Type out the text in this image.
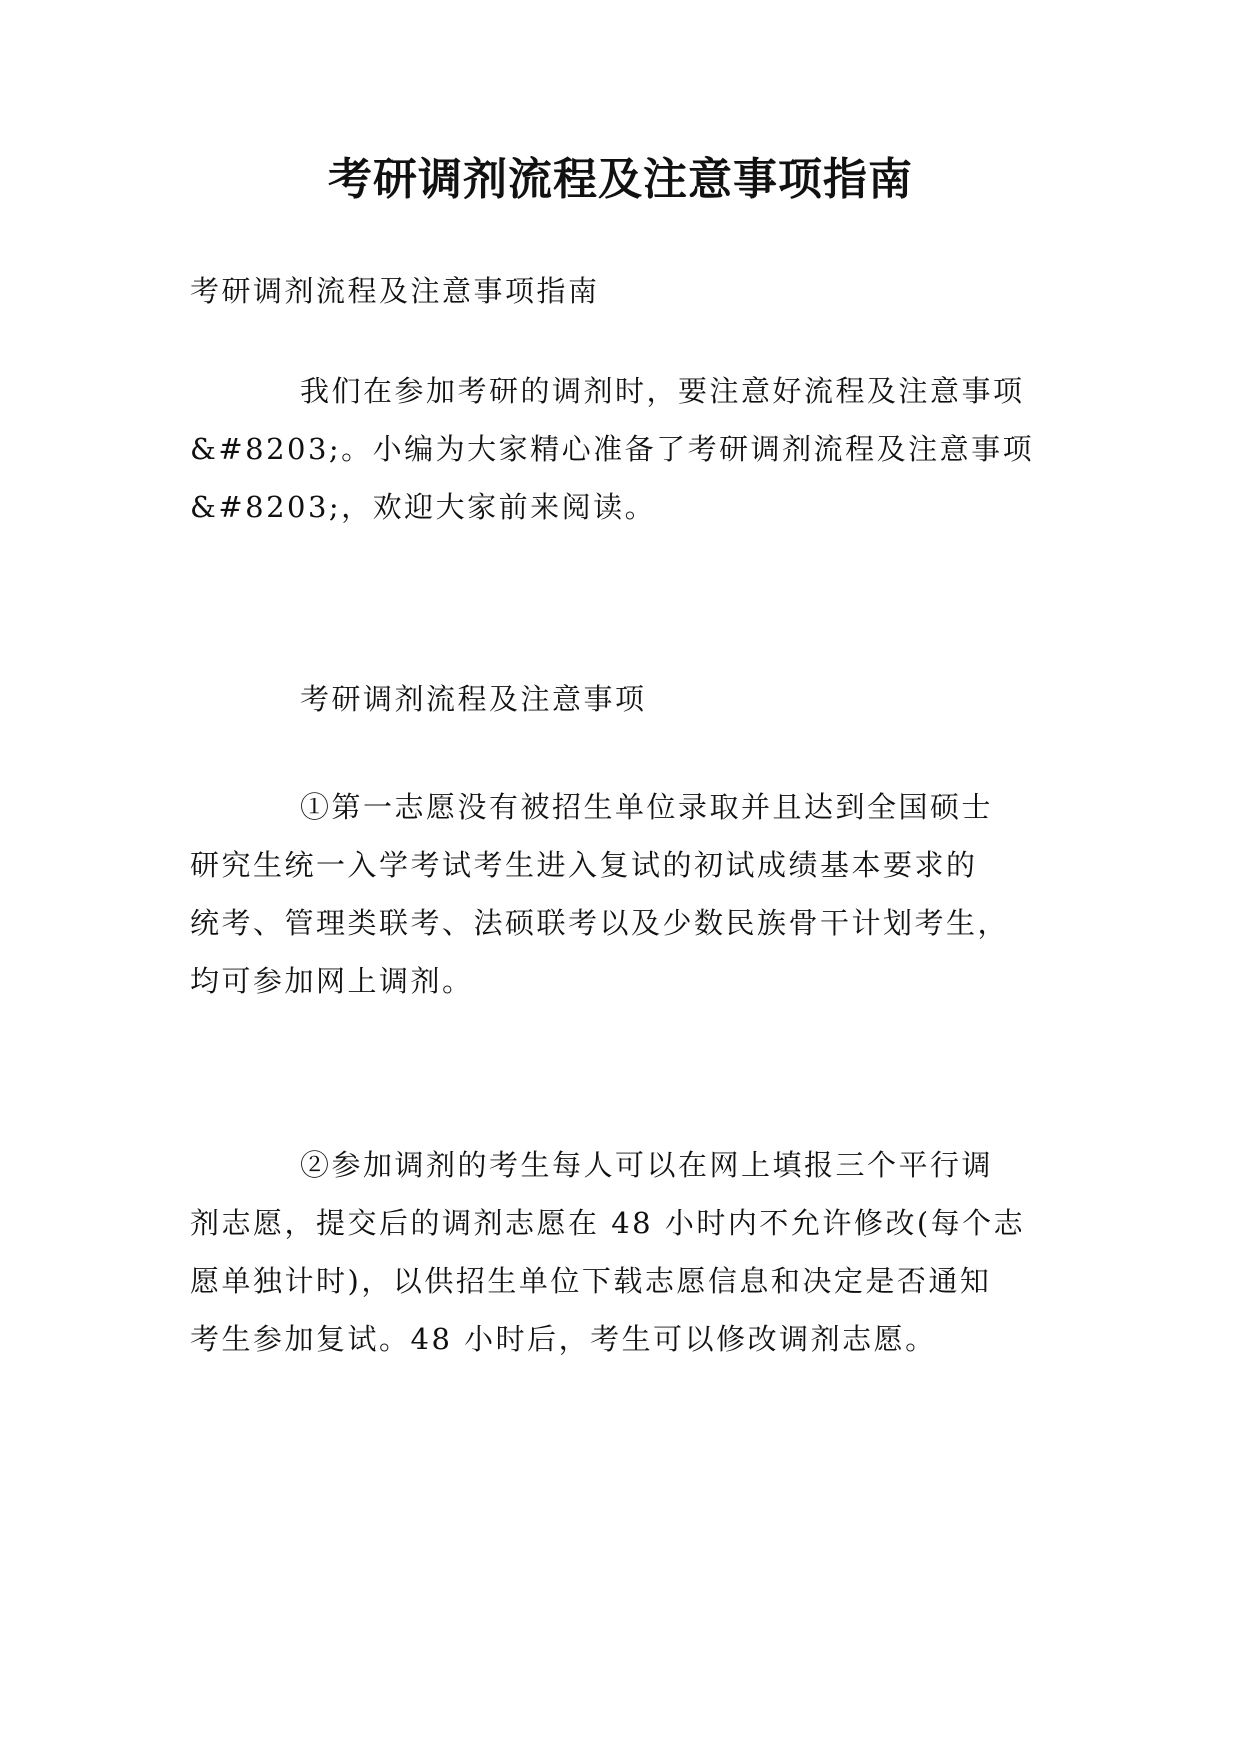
考研调剂流程及注意事项指南

考研调剂流程及注意事项指南

我们在参加考研的调剂时，要注意好流程及注意事项
&#8203;。小编为大家精心准备了考研调剂流程及注意事项
&#8203;，欢迎大家前来阅读。

考研调剂流程及注意事项

①第一志愿没有被招生单位录取并且达到全国硕士
研究生统一入学考试考生进入复试的初试成绩基本要求的
统考、管理类联考、法硕联考以及少数民族骨干计划考生，
均可参加网上调剂。

②参加调剂的考生每人可以在网上填报三个平行调
剂志愿，提交后的调剂志愿在 48 小时内不允许修改(每个志
愿单独计时)，以供招生单位下载志愿信息和决定是否通知
考生参加复试。48 小时后，考生可以修改调剂志愿。
